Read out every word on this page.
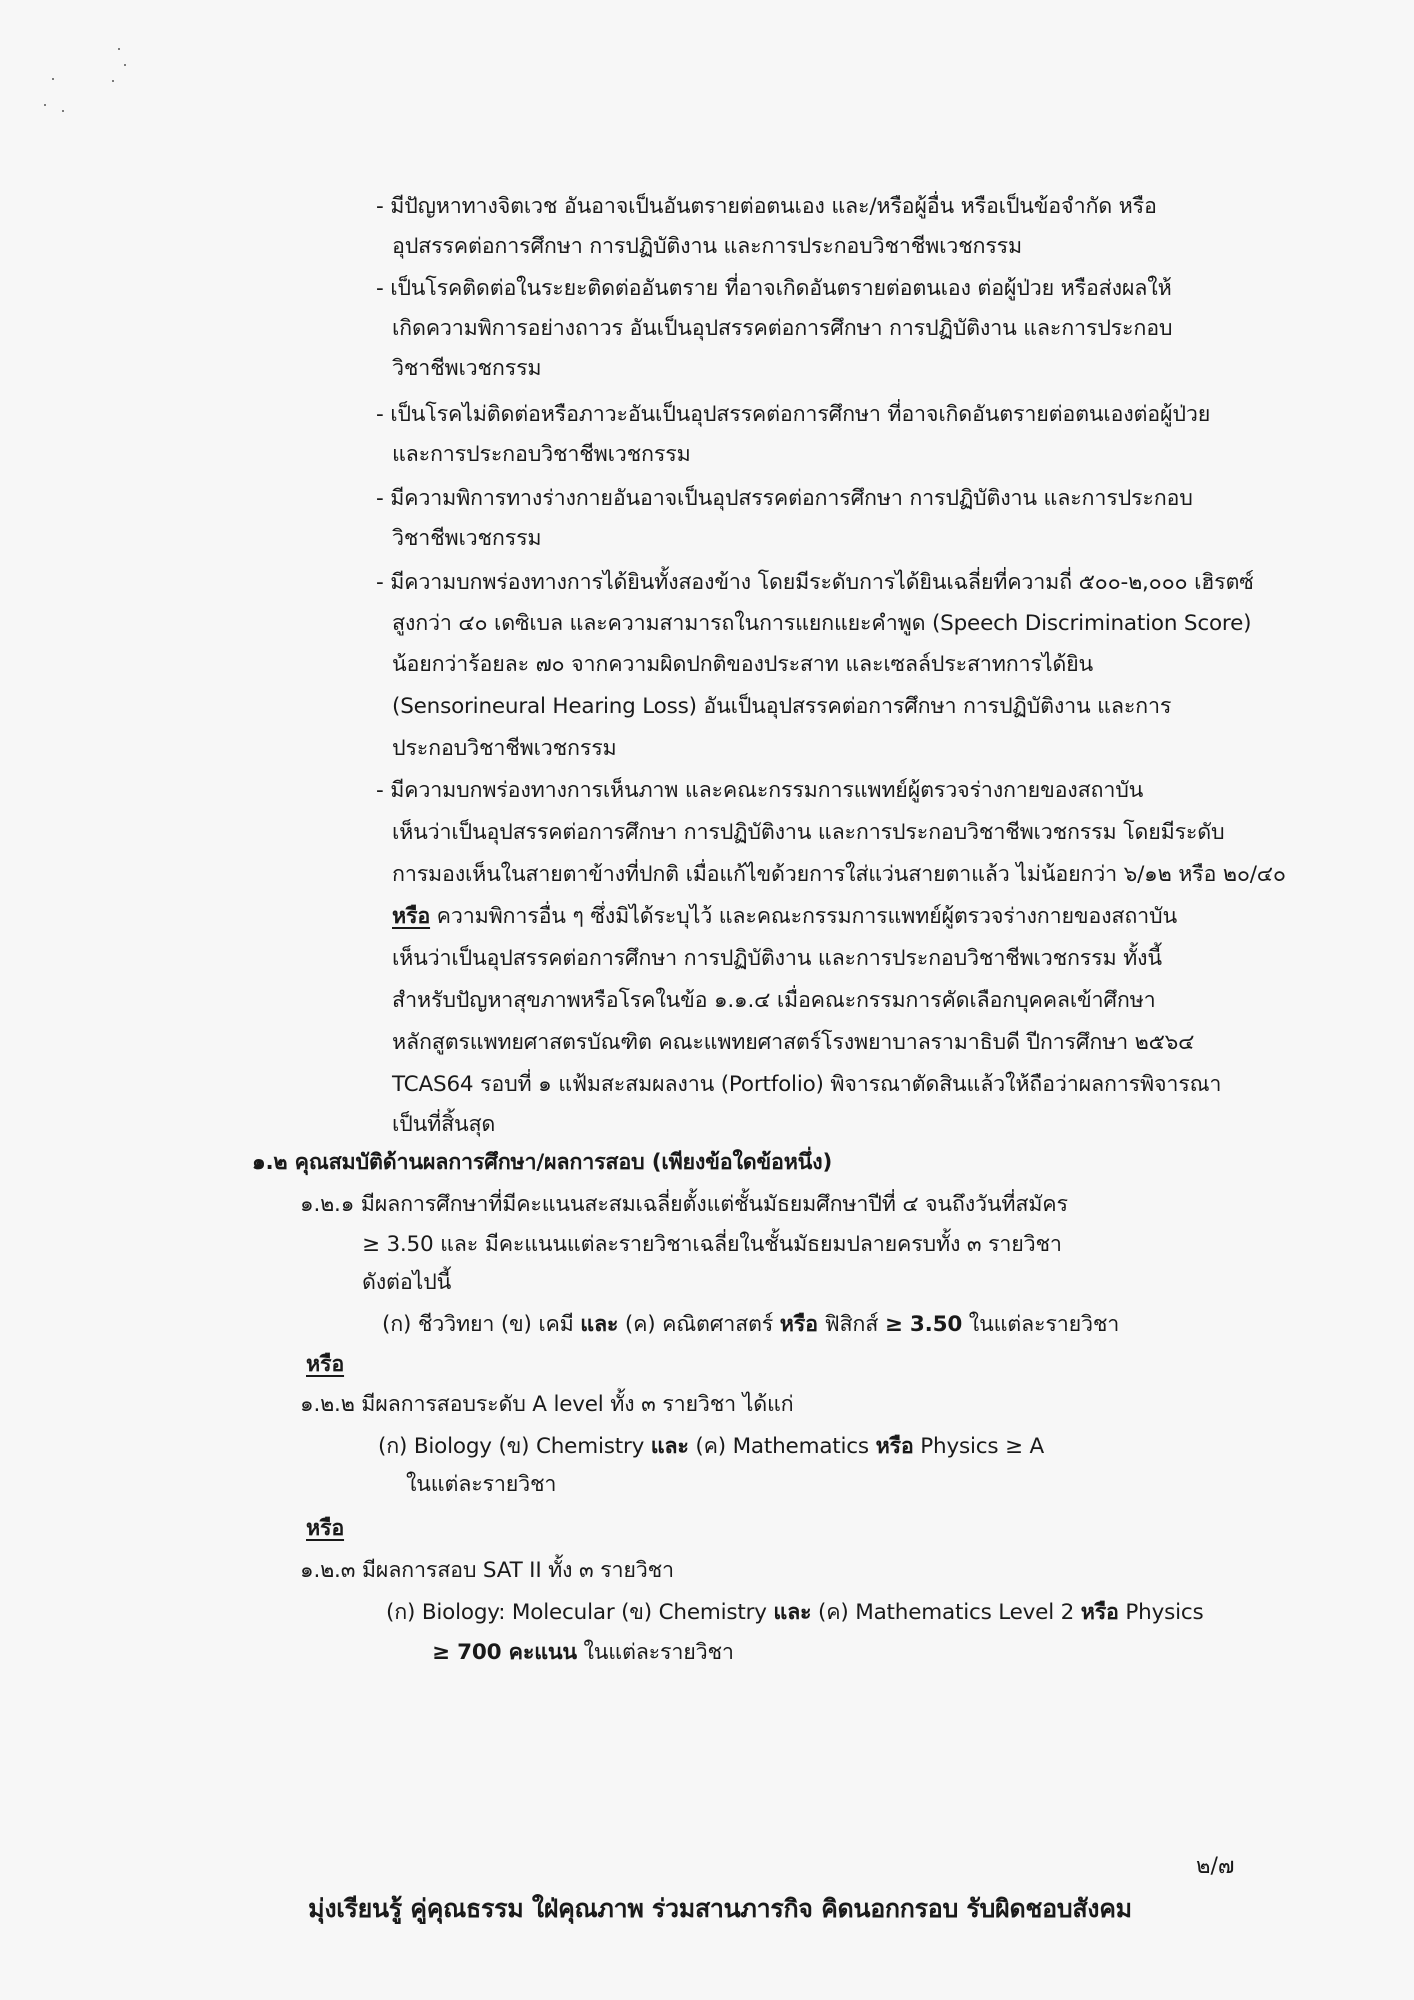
- มีปัญหาทางจิตเวช อันอาจเป็นอันตรายต่อตนเอง และ/หรือผู้อื่น หรือเป็นข้อจำกัด หรือ
อุปสรรคต่อการศึกษา การปฏิบัติงาน และการประกอบวิชาชีพเวชกรรม
- เป็นโรคติดต่อในระยะติดต่ออันตราย ที่อาจเกิดอันตรายต่อตนเอง ต่อผู้ป่วย หรือส่งผลให้
เกิดความพิการอย่างถาวร อันเป็นอุปสรรคต่อการศึกษา การปฏิบัติงาน และการประกอบ
วิชาชีพเวชกรรม
- เป็นโรคไม่ติดต่อหรือภาวะอันเป็นอุปสรรคต่อการศึกษา ที่อาจเกิดอันตรายต่อตนเองต่อผู้ป่วย
และการประกอบวิชาชีพเวชกรรม
- มีความพิการทางร่างกายอันอาจเป็นอุปสรรคต่อการศึกษา การปฏิบัติงาน และการประกอบ
วิชาชีพเวชกรรม
- มีความบกพร่องทางการได้ยินทั้งสองข้าง โดยมีระดับการได้ยินเฉลี่ยที่ความถี่ ๕๐๐-๒,๐๐๐ เฮิรตซ์
สูงกว่า ๔๐ เดซิเบล และความสามารถในการแยกแยะคำพูด (Speech Discrimination Score)
น้อยกว่าร้อยละ ๗๐ จากความผิดปกติของประสาท และเซลล์ประสาทการได้ยิน
(Sensorineural Hearing Loss) อันเป็นอุปสรรคต่อการศึกษา การปฏิบัติงาน และการ
ประกอบวิชาชีพเวชกรรม
- มีความบกพร่องทางการเห็นภาพ และคณะกรรมการแพทย์ผู้ตรวจร่างกายของสถาบัน
เห็นว่าเป็นอุปสรรคต่อการศึกษา การปฏิบัติงาน และการประกอบวิชาชีพเวชกรรม โดยมีระดับ
การมองเห็นในสายตาข้างที่ปกติ เมื่อแก้ไขด้วยการใส่แว่นสายตาแล้ว ไม่น้อยกว่า ๖/๑๒ หรือ ๒๐/๔๐
หรือ ความพิการอื่น ๆ ซึ่งมิได้ระบุไว้ และคณะกรรมการแพทย์ผู้ตรวจร่างกายของสถาบัน
เห็นว่าเป็นอุปสรรคต่อการศึกษา การปฏิบัติงาน และการประกอบวิชาชีพเวชกรรม ทั้งนี้
สำหรับปัญหาสุขภาพหรือโรคในข้อ ๑.๑.๔ เมื่อคณะกรรมการคัดเลือกบุคคลเข้าศึกษา
หลักสูตรแพทยศาสตรบัณฑิต คณะแพทยศาสตร์โรงพยาบาลรามาธิบดี ปีการศึกษา ๒๕๖๔
TCAS64 รอบที่ ๑ แฟ้มสะสมผลงาน (Portfolio) พิจารณาตัดสินแล้วให้ถือว่าผลการพิจารณา
เป็นที่สิ้นสุด
๑.๒ คุณสมบัติด้านผลการศึกษา/ผลการสอบ (เพียงข้อใดข้อหนึ่ง)
๑.๒.๑ มีผลการศึกษาที่มีคะแนนสะสมเฉลี่ยตั้งแต่ชั้นมัธยมศึกษาปีที่ ๔ จนถึงวันที่สมัคร
≥ 3.50 และ มีคะแนนแต่ละรายวิชาเฉลี่ยในชั้นมัธยมปลายครบทั้ง ๓ รายวิชา
ดังต่อไปนี้
(ก) ชีววิทยา (ข) เคมี และ (ค) คณิตศาสตร์ หรือ ฟิสิกส์ ≥ 3.50 ในแต่ละรายวิชา
หรือ
๑.๒.๒ มีผลการสอบระดับ A level ทั้ง ๓ รายวิชา ได้แก่
(ก) Biology (ข) Chemistry และ (ค) Mathematics หรือ Physics ≥ A
ในแต่ละรายวิชา
หรือ
๑.๒.๓ มีผลการสอบ SAT II ทั้ง ๓ รายวิชา
(ก) Biology: Molecular (ข) Chemistry และ (ค) Mathematics Level 2 หรือ Physics
≥ 700 คะแนน ในแต่ละรายวิชา
๒/๗
มุ่งเรียนรู้ คู่คุณธรรม ใฝ่คุณภาพ ร่วมสานภารกิจ คิดนอกกรอบ รับผิดชอบสังคม
